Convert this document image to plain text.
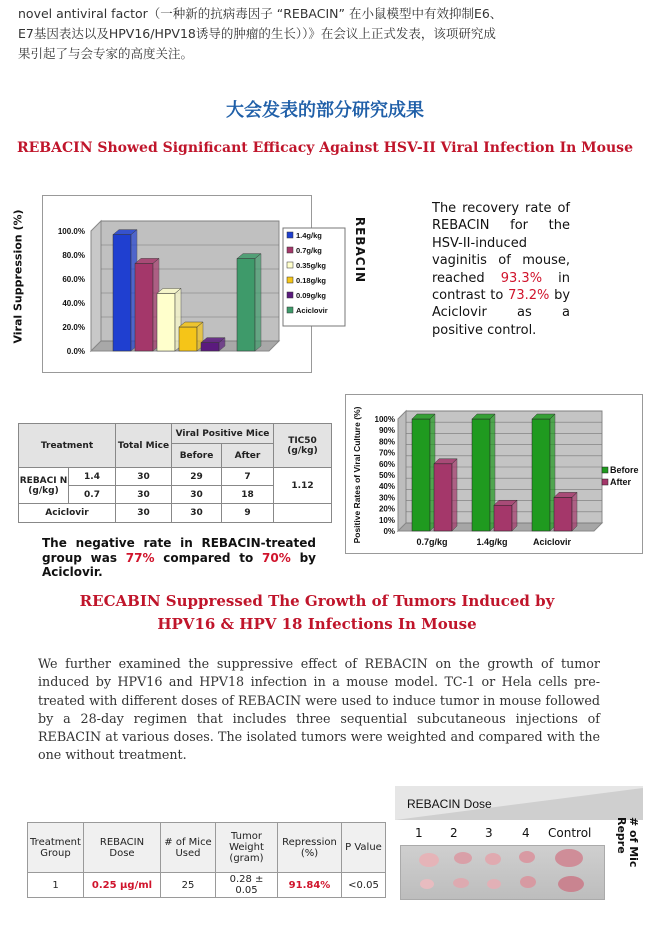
novel antiviral factor（一种新的抗病毒因子 “REBACIN” 在小鼠模型中有效抑制E6、
E7基因表达以及HPV16/HPV18诱导的肿瘤的生长））》在会议上正式发表，该项研究成
果引起了与会专家的高度关注。
大会发表的部分研究成果
REBACIN Showed Significant Efficacy Against HSV-II Viral Infection In Mouse
Viral Suppression (%)
0.0%
20.0%
40.0%
60.0%
80.0%
100.0%	1.4g/kg
0.7g/kg
0.35g/kg
0.18g/kg
0.09g/kg
Aciclovir
REBACIN
The recovery rate of REBACIN for the HSV-II-induced vaginitis of mouse, reached 93.3% in contrast to 73.2% by Aciclovir as a positive control.
Treatment		Total Mice	Viral Positive Mice		TIC50 (g/kg)
			Before	After	
REBACI N (g/kg)	1.4	30	29	7	1.12
	0.7	30	30	18	
Aciclovir		30	30	9	
The negative rate in REBACIN-treated group was 77% compared to 70% by Aciclovir.
0%
10%
20%
30%
40%
50%
60%
70%
80%
90%
100%
Positive Rates of Viral Culture (%)	0.7g/kg	1.4g/kg	Aciclovir
Before
After
RECABIN Suppressed The Growth of Tumors Induced by
HPV16 & HPV 18 Infections In Mouse
We further examined the suppressive effect of REBACIN on the growth of tumor induced by HPV16 and HPV18 infection in a mouse model. TC-1 or Hela cells pre-treated with different doses of REBACIN were used to induce tumor in mouse followed by a 28-day regimen that includes three sequential subcutaneous injections of REBACIN at various doses. The isolated tumors were weighted and compared with the one without treatment.
Treatment Group	REBACIN Dose	# of Mice Used	Tumor Weight (gram)	Repression (%)	P Value
1	0.25 μg/ml	25	0.28 ± 0.05	91.84%	<0.05
REBACIN Dose
1 2 3 4 Control	# of Mic
Repre
